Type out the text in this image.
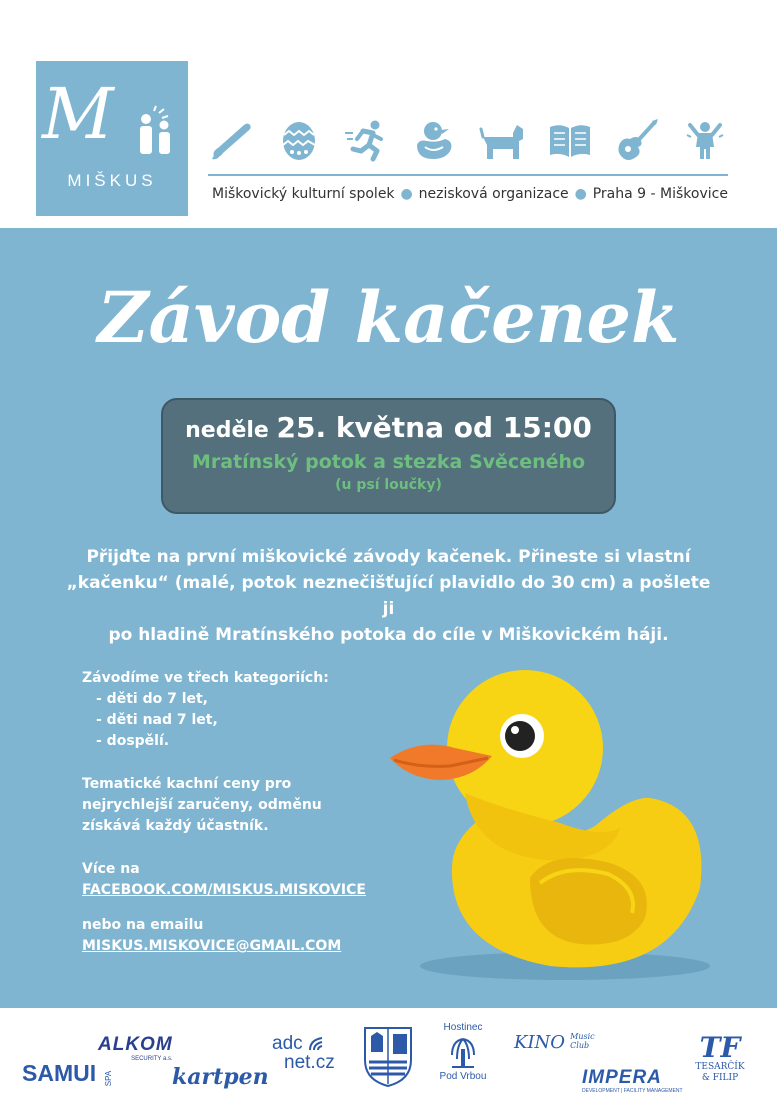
M
MIŠKUS
Miškovický kulturní spolek ● nezisková organizace ● Praha 9 - Miškovice
Závod kačenek
neděle 25. května od 15:00
Mratínský potok a stezka Svěceného
(u psí loučky)
Přijďte na první miškovické závody kačenek. Přineste si vlastní
„kačenku“ (malé, potok neznečišťující plavidlo do 30 cm) a pošlete ji
po hladině Mratínského potoka do cíle v Miškovickém háji.
Závodíme ve třech kategoriích:
- děti do 7 let,
- děti nad 7 let,
- dospělí.
Tematické kachní ceny pro
nejrychlejší zaručeny, odměnu
získává každý účastník.
Více na
FACEBOOK.COM/MISKUS.MISKOVICE
nebo na emailu
MISKUS.MISKOVICE@GMAIL.COM
SAMUI SPA
ALKOM
SECURITY a.s.
kartpen
adc
net.cz
Hostinec
Pod Vrbou
KINO Music
Club
IMPERA
DEVELOPMENT | FACILITY MANAGEMENT
TF
TESARČÍK
& FILIP
